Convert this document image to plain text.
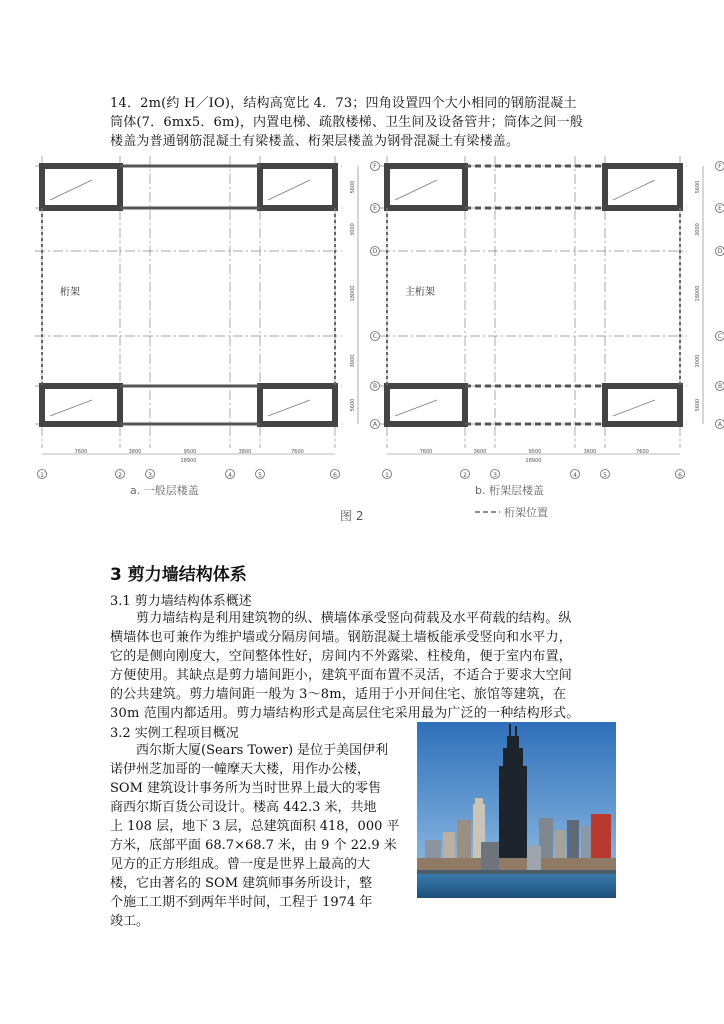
14．2m(约 H／IO)，结构高宽比 4．73；四角设置四个大小相同的钢筋混凝土
筒体(7．6mx5．6m)，内置电梯、疏散楼梯、卫生间及设备管井；筒体之间一般
楼盖为普通钢筋混凝土有梁楼盖、桁架层楼盖为钢骨混凝土有梁楼盖。
1	2	3	4	5	6
F
E
D
C
B
A
桁架
7600	3800	9500	3800	7600
28900
5600
3000
18000
3000
5600
a. 一般层楼盖
1	2	3	4	5	6
F
E
D
C
B
A
主桁架
7600	3600	9500	3600	7600
28900
5600
3000
18000
3000
5600
b. 桁架层楼盖
桁架位置
图 2
3 剪力墙结构体系

3.1 剪力墙结构体系概述

剪力墙结构是利用建筑物的纵、横墙体承受竖向荷载及水平荷载的结构。纵
横墙体也可兼作为维护墙或分隔房间墙。钢筋混凝土墙板能承受竖向和水平力，
它的是侧向刚度大，空间整体性好，房间内不外露梁、柱棱角，便于室内布置，
方便使用。其缺点是剪力墙间距小，建筑平面布置不灵活，不适合于要求大空间
的公共建筑。剪力墙间距一般为 3～8m，适用于小开间住宅、旅馆等建筑，在
30m 范围内都适用。剪力墙结构形式是高层住宅采用最为广泛的一种结构形式。

3.2 实例工程项目概况

西尔斯大厦(Sears Tower) 是位于美国伊利
诺伊州芝加哥的一幢摩天大楼，用作办公楼，
SOM 建筑设计事务所为当时世界上最大的零售
商西尔斯百货公司设计。楼高 442.3 米，共地
上 108 层，地下 3 层，总建筑面积 418，000 平
方米，底部平面 68.7×68.7 米，由 9 个 22.9 米
见方的正方形组成。曾一度是世界上最高的大
楼，它由著名的 SOM 建筑师事务所设计，整
个施工工期不到两年半时间，工程于 1974 年
竣工。
